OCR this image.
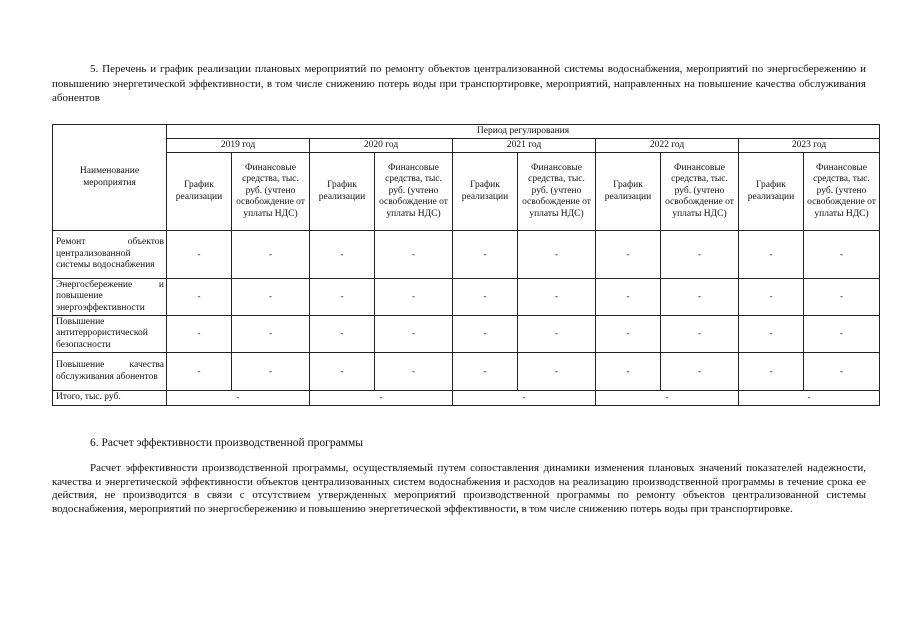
5. Перечень и график реализации плановых мероприятий по ремонту объектов централизованной системы водоснабжения, мероприятий по энергосбережению и повышению энергетической эффективности, в том числе снижению потерь воды при транспортировке, мероприятий, направленных на повышение качества обслуживания абонентов
Наименование мероприятия	Период регулирования									
	2019 год		2020 год		2021 год		2022 год		2023 год	
	График реализации	Финансовые средства, тыс. руб. (учтено освобождение от уплаты НДС)	График реализации	Финансовые средства, тыс. руб. (учтено освобождение от уплаты НДС)	График реализации	Финансовые средства, тыс. руб. (учтено освобождение от уплаты НДС)	График реализации	Финансовые средства, тыс. руб. (учтено освобождение от уплаты НДС)	График реализации	Финансовые средства, тыс. руб. (учтено освобождение от уплаты НДС)
Ремонт объектов централизованной системы водоснабжения	-	-	-	-	-	-	-	-	-	-
Энергосбережение и повышение энергоэффективности	-	-	-	-	-	-	-	-	-	-
Повышение антитеррористической безопасности	-	-	-	-	-	-	-	-	-	-
Повышение качества обслуживания абонентов	-	-	-	-	-	-	-	-	-	-
Итого, тыс. руб.	-		-		-		-		-	
6. Расчет эффективности производственной программы
Расчет эффективности производственной программы, осуществляемый путем сопоставления динамики изменения плановых значений показателей надежности, качества и энергетической эффективности объектов централизованных систем водоснабжения и расходов на реализацию производственной программы в течение срока ее действия, не производится в связи с отсутствием утвержденных мероприятий производственной программы по ремонту объектов централизованной системы водоснабжения, мероприятий по энергосбережению и повышению энергетической эффективности, в том числе снижению потерь воды при транспортировке.
